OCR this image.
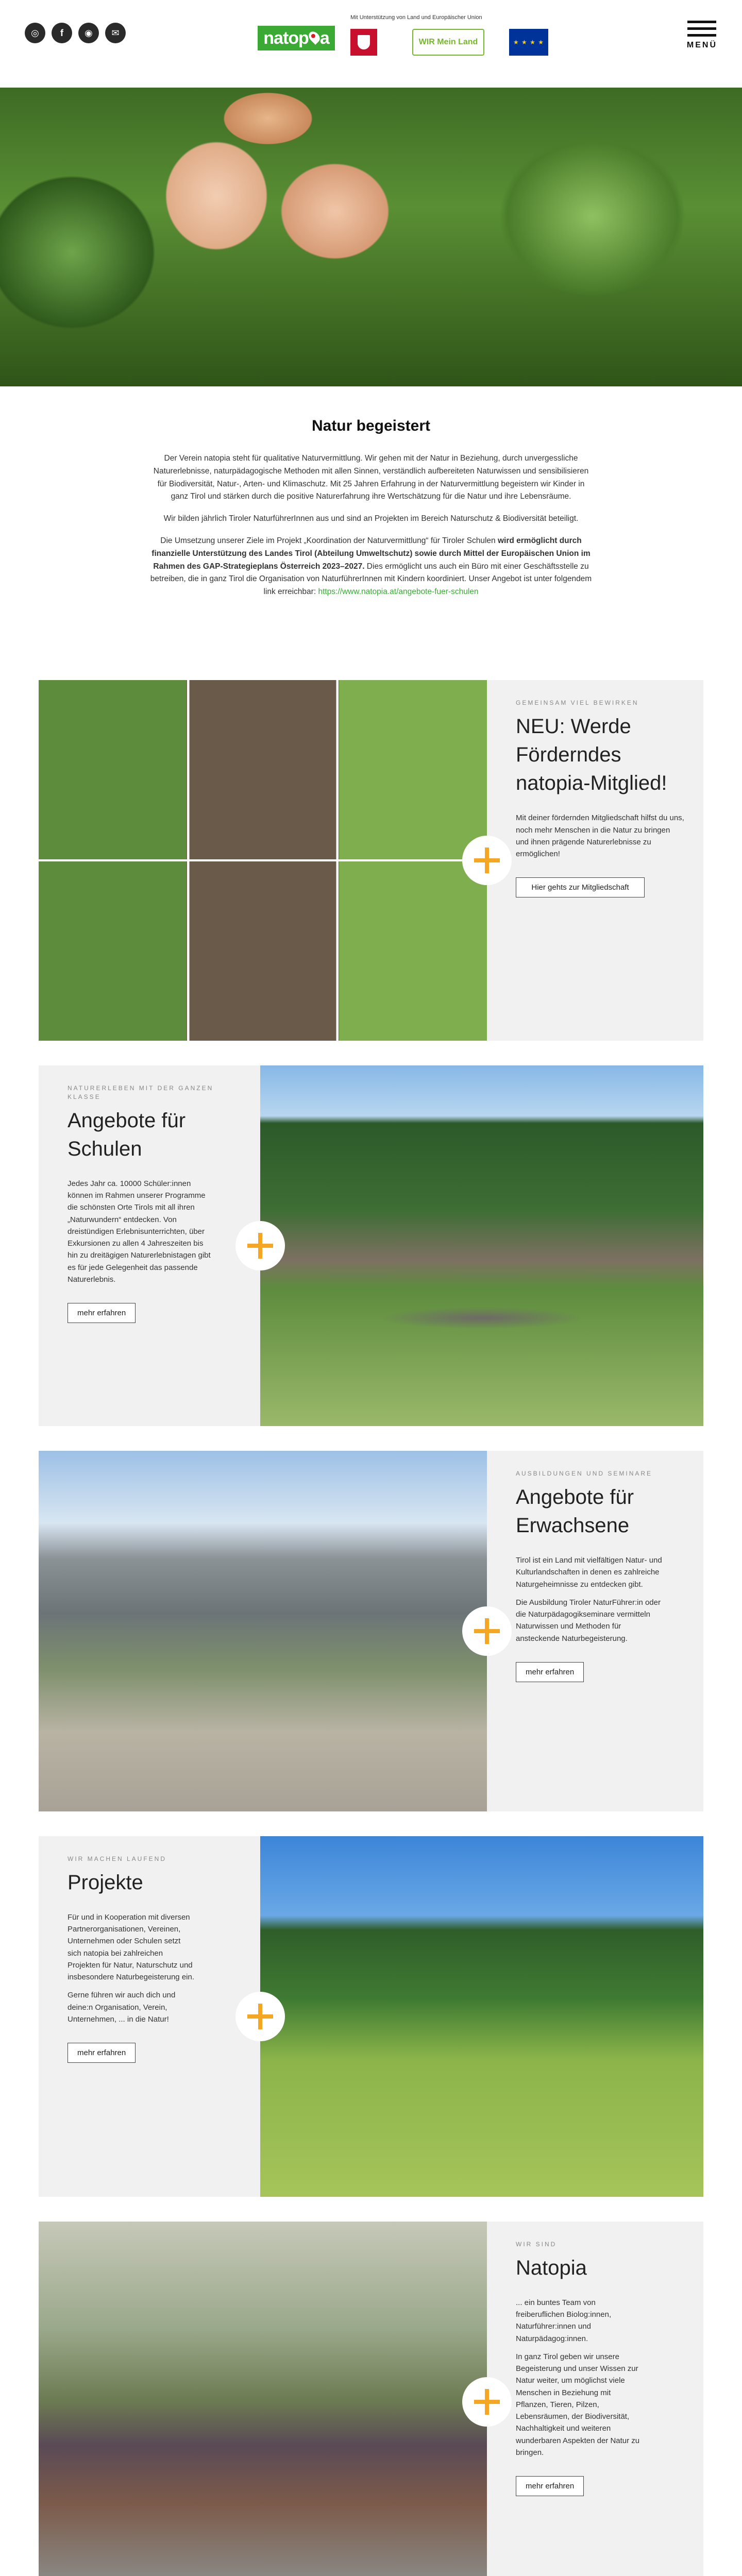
◎	f	◉	✉	natop a
Mit Unterstützung von Land und Europäischer Union
WIR Mein Land	★ ★ ★ ★	MENÜ
Natur begeistert

Der Verein natopia steht für qualitative Naturvermittlung. Wir gehen mit der Natur in Beziehung, durch unvergessliche Naturerlebnisse, naturpädagogische Methoden mit allen Sinnen, verständlich aufbereiteten Naturwissen und sensibilisieren für Biodiversität, Natur-, Arten- und Klimaschutz. Mit 25 Jahren Erfahrung in der Naturvermittlung begeistern wir Kinder in ganz Tirol und stärken durch die positive Naturerfahrung ihre Wertschätzung für die Natur und ihre Lebensräume.

Wir bilden jährlich Tiroler NaturführerInnen aus und sind an Projekten im Bereich Naturschutz & Biodiversität beteiligt.

Die Umsetzung unserer Ziele im Projekt „Koordination der Naturvermittlung“ für Tiroler Schulen wird ermöglicht durch finanzielle Unterstützung des Landes Tirol (Abteilung Umweltschutz) sowie durch Mittel der Europäischen Union im Rahmen des GAP-Strategieplans Österreich 2023–2027. Dies ermöglicht uns auch ein Büro mit einer Geschäftsstelle zu betreiben, die in ganz Tirol die Organisation von NaturführerInnen mit Kindern koordiniert. Unser Angebot ist unter folgendem link erreichbar: https://www.natopia.at/angebote-fuer-schulen

GEMEINSAM VIEL BEWIRKEN
NEU: Werde Förderndes natopia-Mitglied!

Mit deiner fördernden Mitgliedschaft hilfst du uns, noch mehr Menschen in die Natur zu bringen und ihnen prägende Naturerlebnisse zu ermöglichen!

Hier gehts zur Mitgliedschaft
NATURERLEBEN MIT DER GANZEN KLASSE
Angebote für Schulen

Jedes Jahr ca. 10000 Schüler:innen können im Rahmen unserer Programme die schönsten Orte Tirols mit all ihren „Naturwundern“ entdecken. Von dreistündigen Erlebnisunterrichten, über Exkursionen zu allen 4 Jahreszeiten bis hin zu dreitägigen Naturerlebnistagen gibt es für jede Gelegenheit das passende Naturerlebnis.

mehr erfahren
AUSBILDUNGEN UND SEMINARE
Angebote für Erwachsene

Tirol ist ein Land mit vielfältigen Natur- und Kulturlandschaften in denen es zahlreiche Naturgeheimnisse zu entdecken gibt.

Die Ausbildung Tiroler NaturFührer:in oder die Naturpädagogikseminare vermitteln Naturwissen und Methoden für ansteckende Naturbegeisterung.

mehr erfahren
WIR MACHEN LAUFEND
Projekte

Für und in Kooperation mit diversen Partnerorganisationen, Vereinen, Unternehmen oder Schulen setzt sich natopia bei zahlreichen Projekten für Natur, Naturschutz und insbesondere Naturbegeisterung ein.

Gerne führen wir auch dich und deine:n Organisation, Verein, Unternehmen, ... in die Natur!

mehr erfahren
WIR SIND
Natopia

... ein buntes Team von freiberuflichen Biolog:innen, Naturführer:innen und Naturpädagog:innen.

In ganz Tirol geben wir unsere Begeisterung und unser Wissen zur Natur weiter, um möglichst viele Menschen in Beziehung mit Pflanzen, Tieren, Pilzen, Lebensräumen, der Biodiversität, Nachhaltigkeit und weiteren wunderbaren Aspekten der Natur zu bringen.

mehr erfahren
